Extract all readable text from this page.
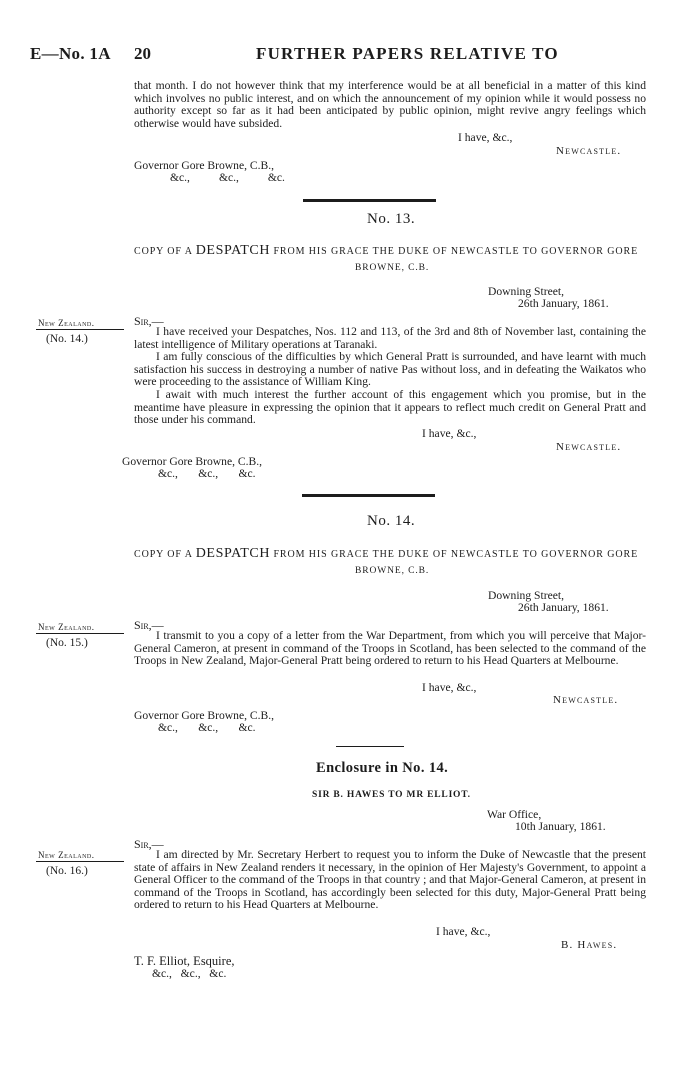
E—No. 1A 20	FURTHER PAPERS RELATIVE TO
that month. I do not however think that my interference would be at all beneficial in a matter of this kind which involves no public interest, and on which the announcement of my opinion while it would possess no authority except so far as it had been anticipated by public opinion, might revive angry feelings which otherwise would have subsided.
I have, &c.,
Newcastle.
Governor Gore Browne, C.B.,
&c.,          &c.,          &c.
No. 13.
COPY OF A DESPATCH FROM HIS GRACE THE DUKE OF NEWCASTLE TO GOVERNOR GORE
BROWNE, C.B.
Downing Street,
26th January, 1861.
New Zealand.
(No. 14.)
Sir,—
I have received your Despatches, Nos. 112 and 113, of the 3rd and 8th of November last, containing the latest intelligence of Military operations at Taranaki.
I am fully conscious of the difficulties by which General Pratt is surrounded, and have learnt with much satisfaction his success in destroying a number of native Pas without loss, and in defeating the Waikatos who were proceeding to the assistance of William King.
I await with much interest the further account of this engagement which you promise, but in the meantime have pleasure in expressing the opinion that it appears to reflect much credit on General Pratt and those under his command.
I have, &c.,
Newcastle.
Governor Gore Browne, C.B.,
&c.,       &c.,       &c.
No. 14.
COPY OF A DESPATCH FROM HIS GRACE THE DUKE OF NEWCASTLE TO GOVERNOR GORE
BROWNE, C.B.
Downing Street,
26th January, 1861.
New Zealand.
(No. 15.)
Sir,—
I transmit to you a copy of a letter from the War Department, from which you will perceive that Major-General Cameron, at present in command of the Troops in Scotland, has been selected to the command of the Troops in New Zealand, Major-General Pratt being ordered to return to his Head Quarters at Melbourne.
I have, &c.,
Newcastle.
Governor Gore Browne, C.B.,
&c.,       &c.,       &c.
Enclosure in No. 14.
SIR B. HAWES TO MR ELLIOT.
War Office,
10th January, 1861.
New Zealand.
(No. 16.)
Sir,—
I am directed by Mr. Secretary Herbert to request you to inform the Duke of Newcastle that the present state of affairs in New Zealand renders it necessary, in the opinion of Her Majesty's Government, to appoint a General Officer to the command of the Troops in that country ; and that Major-General Cameron, at present in command of the Troops in Scotland, has accordingly been selected for this duty, Major-General Pratt being ordered to return to his Head Quarters at Melbourne.
I have, &c.,
B. Hawes.
T. F. Elliot, Esquire,
&c.,   &c.,   &c.
